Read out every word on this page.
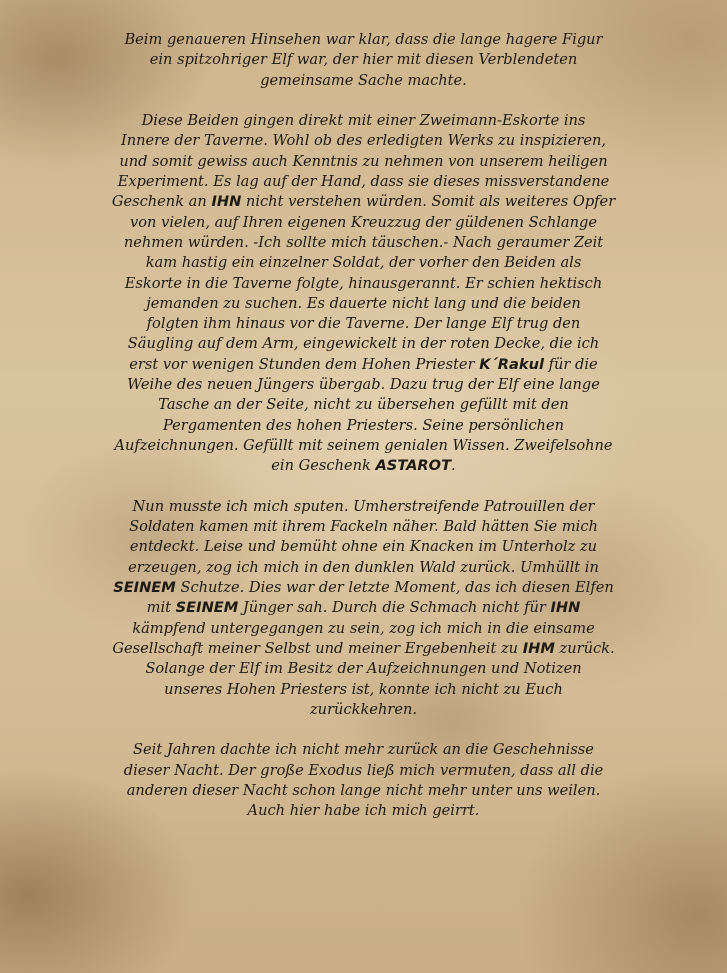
Beim genaueren Hinsehen war klar, dass die lange hagere Figur
ein spitzohriger Elf war, der hier mit diesen Verblendeten
gemeinsame Sache machte.
Diese Beiden gingen direkt mit einer Zweimann-Eskorte ins
Innere der Taverne. Wohl ob des erledigten Werks zu inspizieren,
und somit gewiss auch Kenntnis zu nehmen von unserem heiligen
Experiment. Es lag auf der Hand, dass sie dieses missverstandene
Geschenk an IHN nicht verstehen würden. Somit als weiteres Opfer
von vielen, auf Ihren eigenen Kreuzzug der güldenen Schlange
nehmen würden. -Ich sollte mich täuschen.- Nach geraumer Zeit
kam hastig ein einzelner Soldat, der vorher den Beiden als
Eskorte in die Taverne folgte, hinausgerannt. Er schien hektisch
jemanden zu suchen. Es dauerte nicht lang und die beiden
folgten ihm hinaus vor die Taverne. Der lange Elf trug den
Säugling auf dem Arm, eingewickelt in der roten Decke, die ich
erst vor wenigen Stunden dem Hohen Priester K´Rakul für die
Weihe des neuen Jüngers übergab. Dazu trug der Elf eine lange
Tasche an der Seite, nicht zu übersehen gefüllt mit den
Pergamenten des hohen Priesters. Seine persönlichen
Aufzeichnungen. Gefüllt mit seinem genialen Wissen. Zweifelsohne
ein Geschenk ASTAROT.
Nun musste ich mich sputen. Umherstreifende Patrouillen der
Soldaten kamen mit ihrem Fackeln näher. Bald hätten Sie mich
entdeckt. Leise und bemüht ohne ein Knacken im Unterholz zu
erzeugen, zog ich mich in den dunklen Wald zurück. Umhüllt in
SEINEM Schutze. Dies war der letzte Moment, das ich diesen Elfen
mit SEINEM Jünger sah. Durch die Schmach nicht für IHN
kämpfend untergegangen zu sein, zog ich mich in die einsame
Gesellschaft meiner Selbst und meiner Ergebenheit zu IHM zurück.
Solange der Elf im Besitz der Aufzeichnungen und Notizen
unseres Hohen Priesters ist, konnte ich nicht zu Euch
zurückkehren.
Seit Jahren dachte ich nicht mehr zurück an die Geschehnisse
dieser Nacht. Der große Exodus ließ mich vermuten, dass all die
anderen dieser Nacht schon lange nicht mehr unter uns weilen.
Auch hier habe ich mich geirrt.
